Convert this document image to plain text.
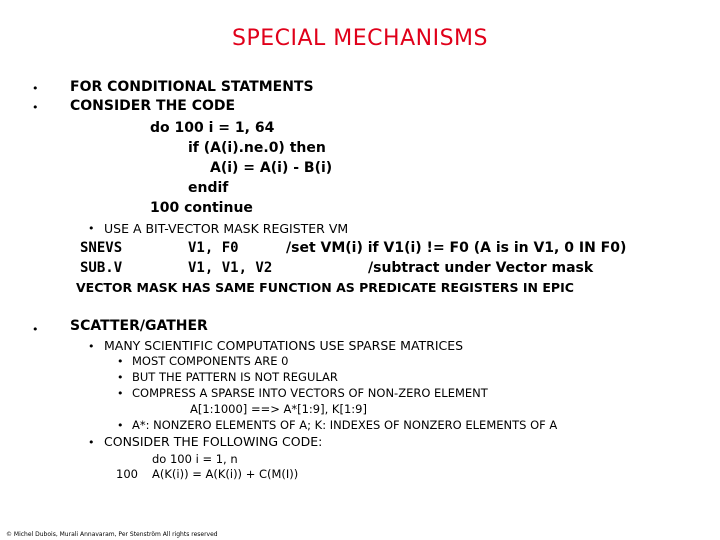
SPECIAL MECHANISMS
• FOR CONDITIONAL STATMENTS
• CONSIDER THE CODE
do 100 i = 1, 64
if (A(i).ne.0) then
A(i) = A(i) - B(i)
endif
100 continue
• USE A BIT-VECTOR MASK REGISTER VM
SNEVS	V1, F0	/set VM(i) if V1(i) != F0 (A is in V1, 0 IN F0)
SUB.V	V1, V1, V2	/subtract under Vector mask
VECTOR MASK HAS SAME FUNCTION AS PREDICATE REGISTERS IN EPIC
• SCATTER/GATHER
• MANY SCIENTIFIC COMPUTATIONS USE SPARSE MATRICES
• MOST COMPONENTS ARE 0
• BUT THE PATTERN IS NOT REGULAR
• COMPRESS A SPARSE INTO VECTORS OF NON-ZERO ELEMENT
A[1:1000] ==> A*[1:9], K[1:9]
• A*: NONZERO ELEMENTS OF A; K: INDEXES OF NONZERO ELEMENTS OF A
• CONSIDER THE FOLLOWING CODE:
do 100 i = 1, n
100 A(K(i)) = A(K(i)) + C(M(I))
© Michel Dubois, Murali Annavaram, Per Stenström All rights reserved
